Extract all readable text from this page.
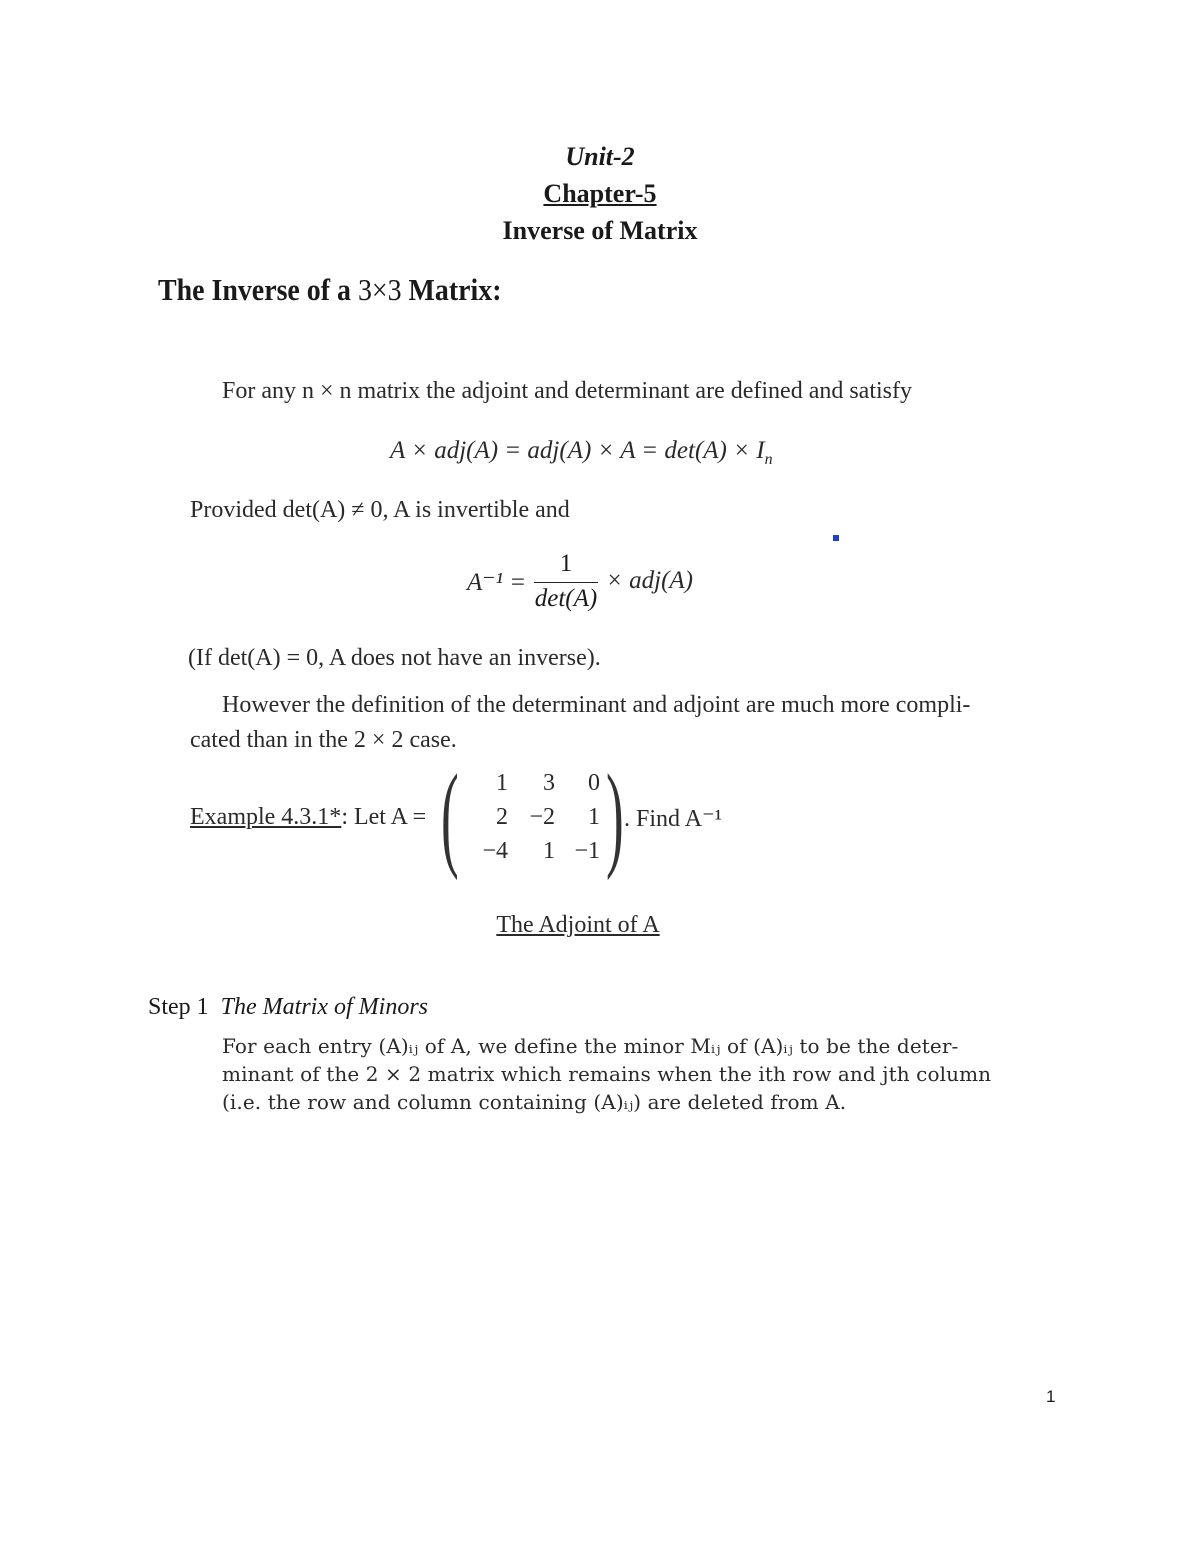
Unit-2
Chapter-5
Inverse of Matrix
The Inverse of a 3×3 Matrix:
For any n × n matrix the adjoint and determinant are defined and satisfy
$A \times adj(A) = adj(A) \times A = \det(A) \times I_n$
Provided det(A) ≠ 0, A is invertible and
A⁻¹ =
1
det(A)
× adj(A)
(If det(A) = 0, A does not have an inverse).
However the definition of the determinant and adjoint are much more compli-
cated than in the 2 × 2 case.
Example 4.3.1*: Let A = ( )
1	3	0
2 −2	1
−4	1 −1
. Find A⁻¹
The Adjoint of A
Step 1 The Matrix of Minors
For each entry (A)ᵢⱼ of A, we define the minor Mᵢⱼ of (A)ᵢⱼ to be the deter-
minant of the 2 × 2 matrix which remains when the ith row and jth column
(i.e. the row and column containing (A)ᵢⱼ) are deleted from A.
1
